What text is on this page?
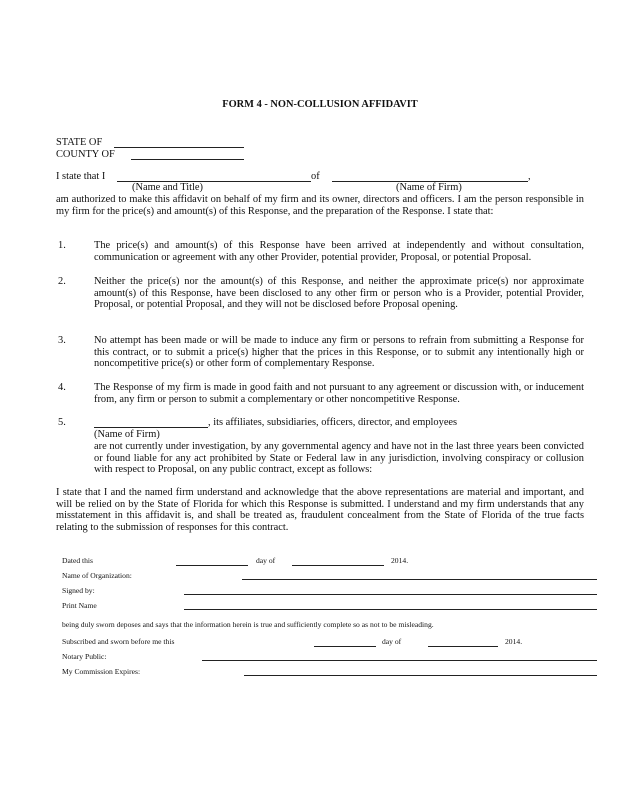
FORM 4 - NON-COLLUSION AFFIDAVIT
STATE OF
COUNTY OF
I state that I	of	,
(Name and Title)	(Name of Firm)
am authorized to make this affidavit on behalf of my firm and its owner, directors and officers. I am the person responsible in my firm for the price(s) and amount(s) of this Response, and the preparation of the Response. I state that:
1.	The price(s) and amount(s) of this Response have been arrived at independently and without consultation, communication or agreement with any other Provider, potential provider, Proposal, or potential Proposal.
2.	Neither the price(s) nor the amount(s) of this Response, and neither the approximate price(s) nor approximate amount(s) of this Response, have been disclosed to any other firm or person who is a Provider, potential Provider, Proposal, or potential Proposal, and they will not be disclosed before Proposal opening.
3.	No attempt has been made or will be made to induce any firm or persons to refrain from submitting a Response for this contract, or to submit a price(s) higher that the prices in this Response, or to submit any intentionally high or noncompetitive price(s) or other form of complementary Response.
4.	The Response of my firm is made in good faith and not pursuant to any agreement or discussion with, or inducement from, any firm or person to submit a complementary or other noncompetitive Response.
5.	, its affiliates, subsidiaries, officers, director, and employees
(Name of Firm)
are not currently under investigation, by any governmental agency and have not in the last three years been convicted or found liable for any act prohibited by State or Federal law in any jurisdiction, involving conspiracy or collusion with respect to Proposal, on any public contract, except as follows:
I state that I and the named firm understand and acknowledge that the above representations are material and important, and will be relied on by the State of Florida for which this Response is submitted. I understand and my firm understands that any misstatement in this affidavit is, and shall be treated as, fraudulent concealment from the State of Florida of the true facts relating to the submission of responses for this contract.
Dated this	day of	2014.
Name of Organization:
Signed by:
Print Name
being duly sworn deposes and says that the information herein is true and sufficiently complete so as not to be misleading.
Subscribed and sworn before me this	day of	2014.
Notary Public:
My Commission Expires:
